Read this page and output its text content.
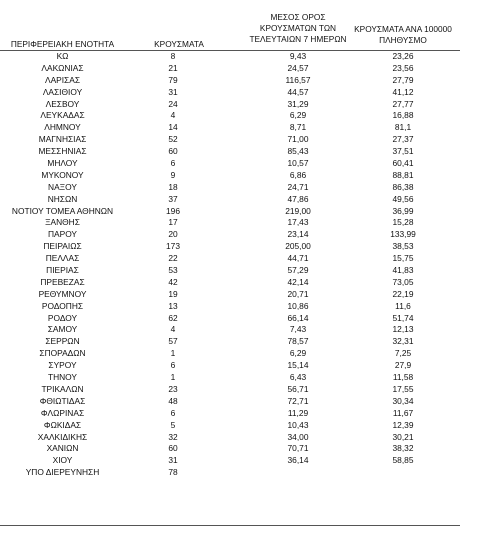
ΠΕΡΙΦΕΡΕΙΑΚΗ ΕΝΟΤΗΤΑ	ΚΡΟΥΣΜΑΤΑ
ΜΕΣΟΣ ΟΡΟΣ
ΚΡΟΥΣΜΑΤΩΝ ΤΩΝ
ΤΕΛΕΥΤΑΙΩΝ 7 ΗΜΕΡΩΝ
ΚΡΟΥΣΜΑΤΑ ΑΝΑ 100000
ΠΛΗΘΥΣΜΟ
ΚΩ	8	9,43	23,26
ΛΑΚΩΝΙΑΣ	21	24,57	23,56
ΛΑΡΙΣΑΣ	79	116,57	27,79
ΛΑΣΙΘΙΟΥ	31	44,57	41,12
ΛΕΣΒΟΥ	24	31,29	27,77
ΛΕΥΚΑΔΑΣ	4	6,29	16,88
ΛΗΜΝΟΥ	14	8,71	81,1
ΜΑΓΝΗΣΙΑΣ	52	71,00	27,37
ΜΕΣΣΗΝΙΑΣ	60	85,43	37,51
ΜΗΛΟΥ	6	10,57	60,41
ΜΥΚΟΝΟΥ	9	6,86	88,81
ΝΑΞΟΥ	18	24,71	86,38
ΝΗΣΩΝ	37	47,86	49,56
ΝΟΤΙΟΥ ΤΟΜΕΑ ΑΘΗΝΩΝ	196	219,00	36,99
ΞΑΝΘΗΣ	17	17,43	15,28
ΠΑΡΟΥ	20	23,14	133,99
ΠΕΙΡΑΙΩΣ	173	205,00	38,53
ΠΕΛΛΑΣ	22	44,71	15,75
ΠΙΕΡΙΑΣ	53	57,29	41,83
ΠΡΕΒΕΖΑΣ	42	42,14	73,05
ΡΕΘΥΜΝΟΥ	19	20,71	22,19
ΡΟΔΟΠΗΣ	13	10,86	11,6
ΡΟΔΟΥ	62	66,14	51,74
ΣΑΜΟΥ	4	7,43	12,13
ΣΕΡΡΩΝ	57	78,57	32,31
ΣΠΟΡΑΔΩΝ	1	6,29	7,25
ΣΥΡΟΥ	6	15,14	27,9
ΤΗΝΟΥ	1	6,43	11,58
ΤΡΙΚΑΛΩΝ	23	56,71	17,55
ΦΘΙΩΤΙΔΑΣ	48	72,71	30,34
ΦΛΩΡΙΝΑΣ	6	11,29	11,67
ΦΩΚΙΔΑΣ	5	10,43	12,39
ΧΑΛΚΙΔΙΚΗΣ	32	34,00	30,21
ΧΑΝΙΩΝ	60	70,71	38,32
ΧΙΟΥ	31	36,14	58,85
ΥΠΟ ΔΙΕΡΕΥΝΗΣΗ	78
